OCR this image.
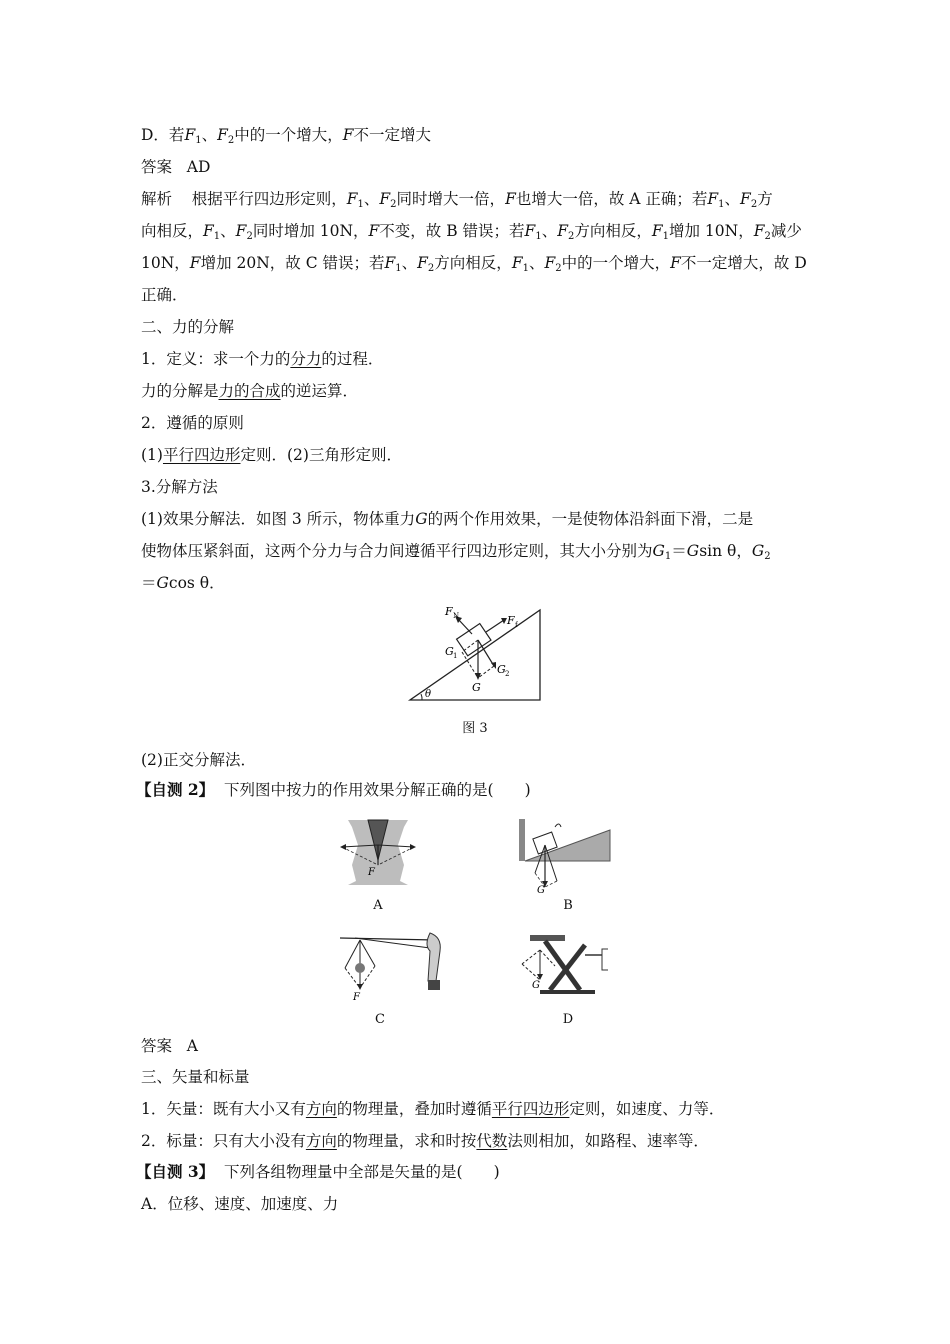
D．若$F_1$、$F_2$中的一个增大，F不一定增大
答案 AD
解析 根据平行四边形定则，$F_1$、$F_2$同时增大一倍，F也增大一倍，故 A 正确；若$F_1$、$F_2$方
向相反，$F_1$、$F_2$同时增加 10N，F不变，故 B 错误；若$F_1$、$F_2$方向相反，$F_1$增加 10N，$F_2$减少
10N，F增加 20N，故 C 错误；若$F_1$、$F_2$方向相反，$F_1$、$F_2$中的一个增大，F不一定增大，故 D
正确．
二、力的分解
1．定义：求一个力的分力的过程．
力的分解是力的合成的逆运算．
2．遵循的原则
(1)平行四边形定则．(2)三角形定则．
3.分解方法
(1)效果分解法．如图 3 所示，物体重力G的两个作用效果，一是使物体沿斜面下滑，二是
使物体压紧斜面，这两个分力与合力间遵循平行四边形定则，其大小分别为$G_1=Gsin$ θ，$G_2$
＝Gcos θ．
θ
F N	F f
G 1
G 2
G
图 3
(2)正交分解法．
【自测 2】 下列图中按力的作用效果分解正确的是(　　)
F
A
G
B
F
C
G
D
答案 A
三、矢量和标量
1．矢量：既有大小又有方向的物理量，叠加时遵循平行四边形定则，如速度、力等．
2．标量：只有大小没有方向的物理量，求和时按代数法则相加，如路程、速率等．
【自测 3】 下列各组物理量中全部是矢量的是(　　)
A．位移、速度、加速度、力
